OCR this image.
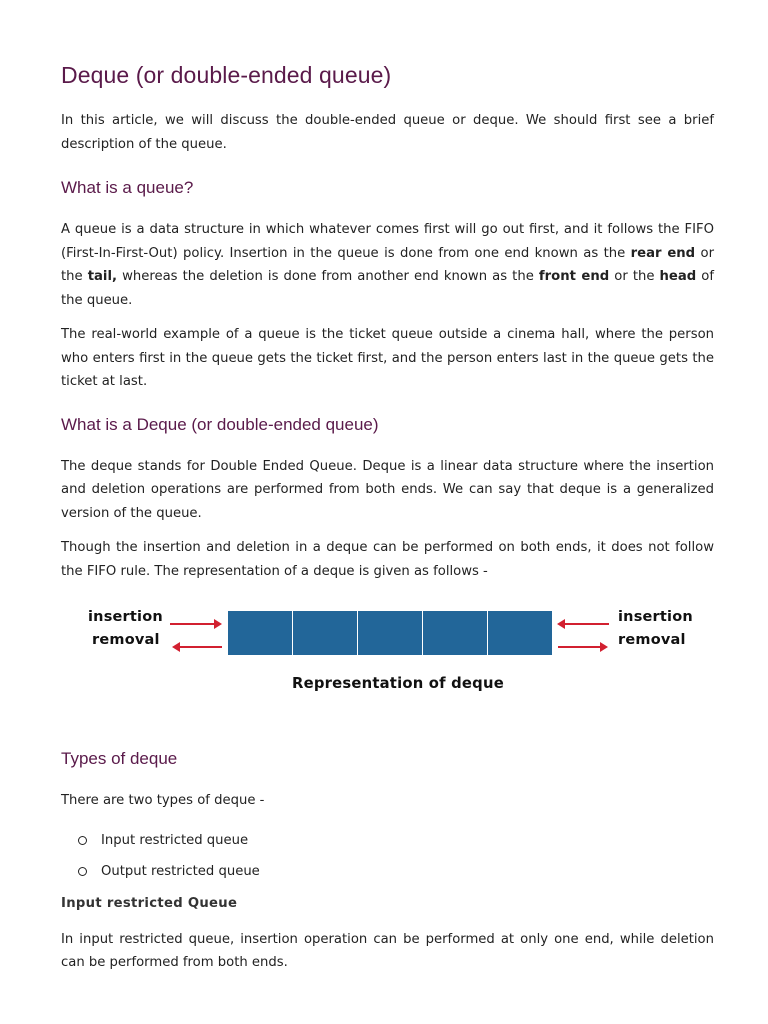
Deque (or double-ended queue)

In this article, we will discuss the double-ended queue or deque. We should first see a brief description of the queue.

What is a queue?

A queue is a data structure in which whatever comes first will go out first, and it follows the FIFO (First-In-First-Out) policy. Insertion in the queue is done from one end known as the rear end or the tail, whereas the deletion is done from another end known as the front end or the head of the queue.

The real-world example of a queue is the ticket queue outside a cinema hall, where the person who enters first in the queue gets the ticket first, and the person enters last in the queue gets the ticket at last.

What is a Deque (or double-ended queue)

The deque stands for Double Ended Queue. Deque is a linear data structure where the insertion and deletion operations are performed from both ends. We can say that deque is a generalized version of the queue.

Though the insertion and deletion in a deque can be performed on both ends, it does not follow the FIFO rule. The representation of a deque is given as follows -

insertion
removal
insertion
removal
Representation of deque
Types of deque

There are two types of deque -

Input restricted queue
Output restricted queue
Input restricted Queue

In input restricted queue, insertion operation can be performed at only one end, while deletion can be performed from both ends.
